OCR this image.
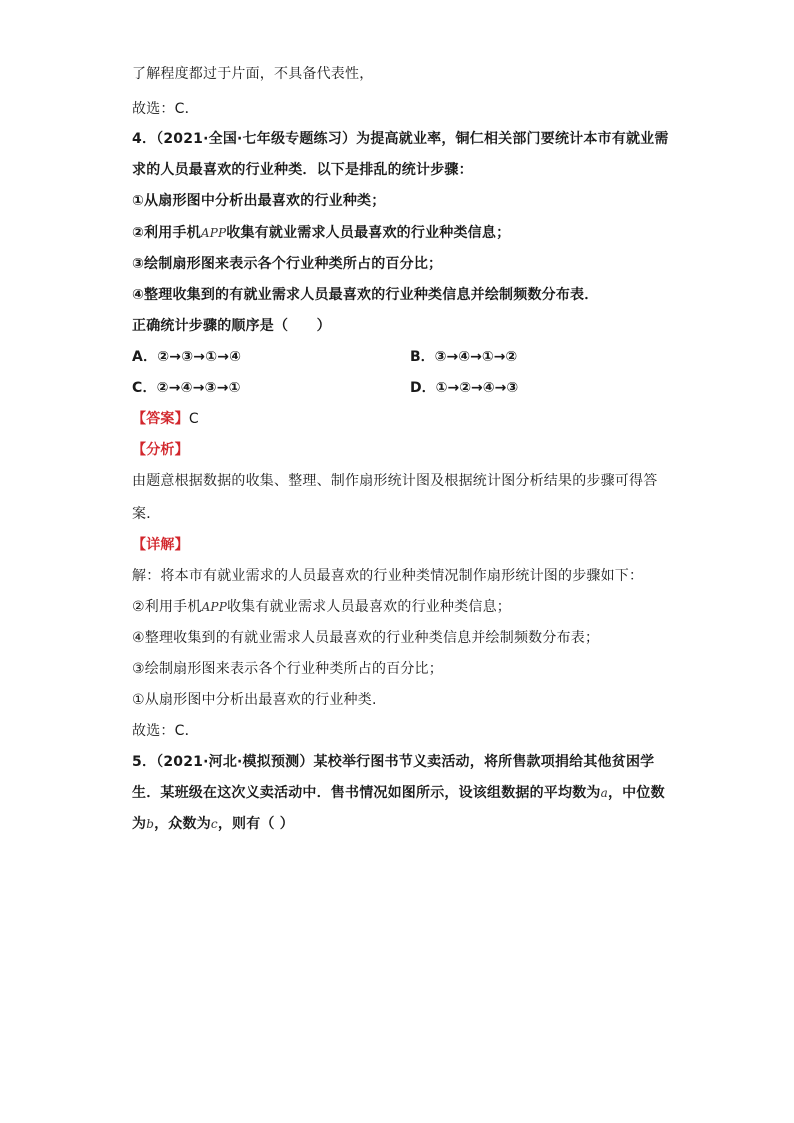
了解程度都过于片面，不具备代表性，
故选：C．
4．（2021·全国·七年级专题练习）为提高就业率，铜仁相关部门要统计本市有就业需
求的人员最喜欢的行业种类．以下是排乱的统计步骤：
①从扇形图中分析出最喜欢的行业种类；
②利用手机APP收集有就业需求人员最喜欢的行业种类信息；
③绘制扇形图来表示各个行业种类所占的百分比；
④整理收集到的有就业需求人员最喜欢的行业种类信息并绘制频数分布表．
正确统计步骤的顺序是（　　）
A．②→③→①→④	B．③→④→①→②
C．②→④→③→①	D．①→②→④→③
【答案】C
【分析】
由题意根据数据的收集、整理、制作扇形统计图及根据统计图分析结果的步骤可得答
案．
【详解】
解：将本市有就业需求的人员最喜欢的行业种类情况制作扇形统计图的步骤如下：
②利用手机APP收集有就业需求人员最喜欢的行业种类信息；
④整理收集到的有就业需求人员最喜欢的行业种类信息并绘制频数分布表；
③绘制扇形图来表示各个行业种类所占的百分比；
①从扇形图中分析出最喜欢的行业种类.
故选：C．
5．（2021·河北·模拟预测）某校举行图书节义卖活动，将所售款项捐给其他贫困学
生．某班级在这次义卖活动中．售书情况如图所示，设该组数据的平均数为a，中位数
为b，众数为c，则有（ ）
